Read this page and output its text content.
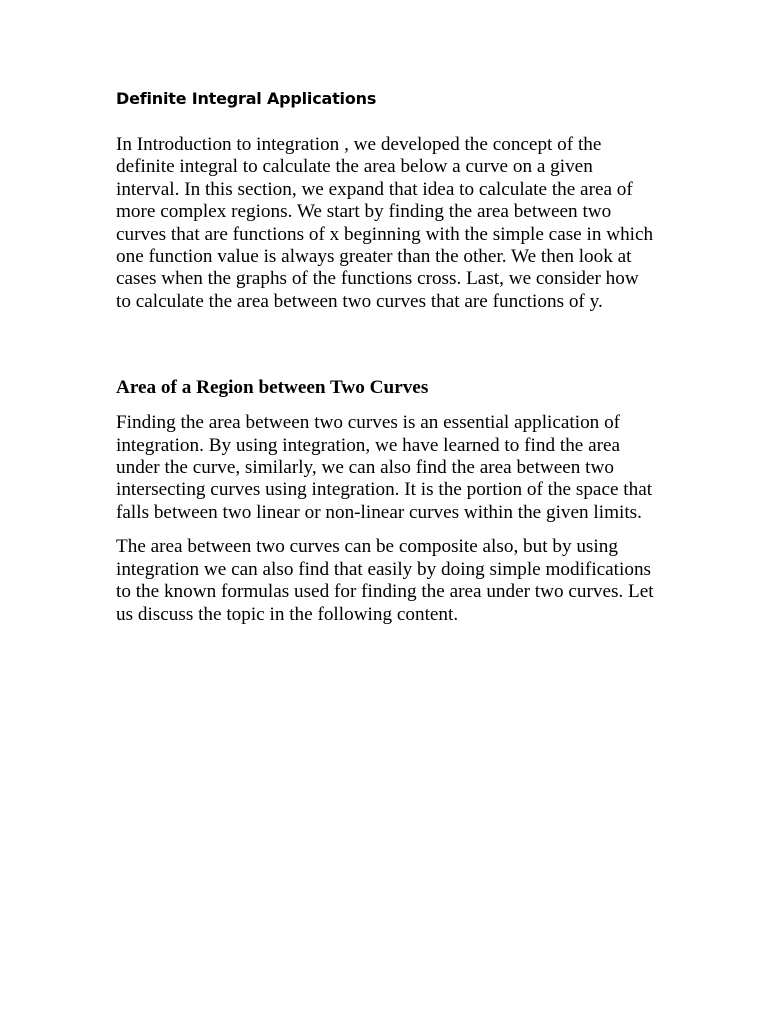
Definite Integral Applications

In Introduction to integration , we developed the concept of the definite integral to calculate the area below a curve on a given interval. In this section, we expand that idea to calculate the area of more complex regions. We start by finding the area between two curves that are functions of x beginning with the simple case in which one function value is always greater than the other. We then look at cases when the graphs of the functions cross. Last, we consider how to calculate the area between two curves that are functions of y.

Area of a Region between Two Curves

Finding the area between two curves is an essential application of integration. By using integration, we have learned to find the area under the curve, similarly, we can also find the area between two intersecting curves using integration. It is the portion of the space that falls between two linear or non-linear curves within the given limits.

The area between two curves can be composite also, but by using integration we can also find that easily by doing simple modifications to the known formulas used for finding the area under two curves. Let us discuss the topic in the following content.
